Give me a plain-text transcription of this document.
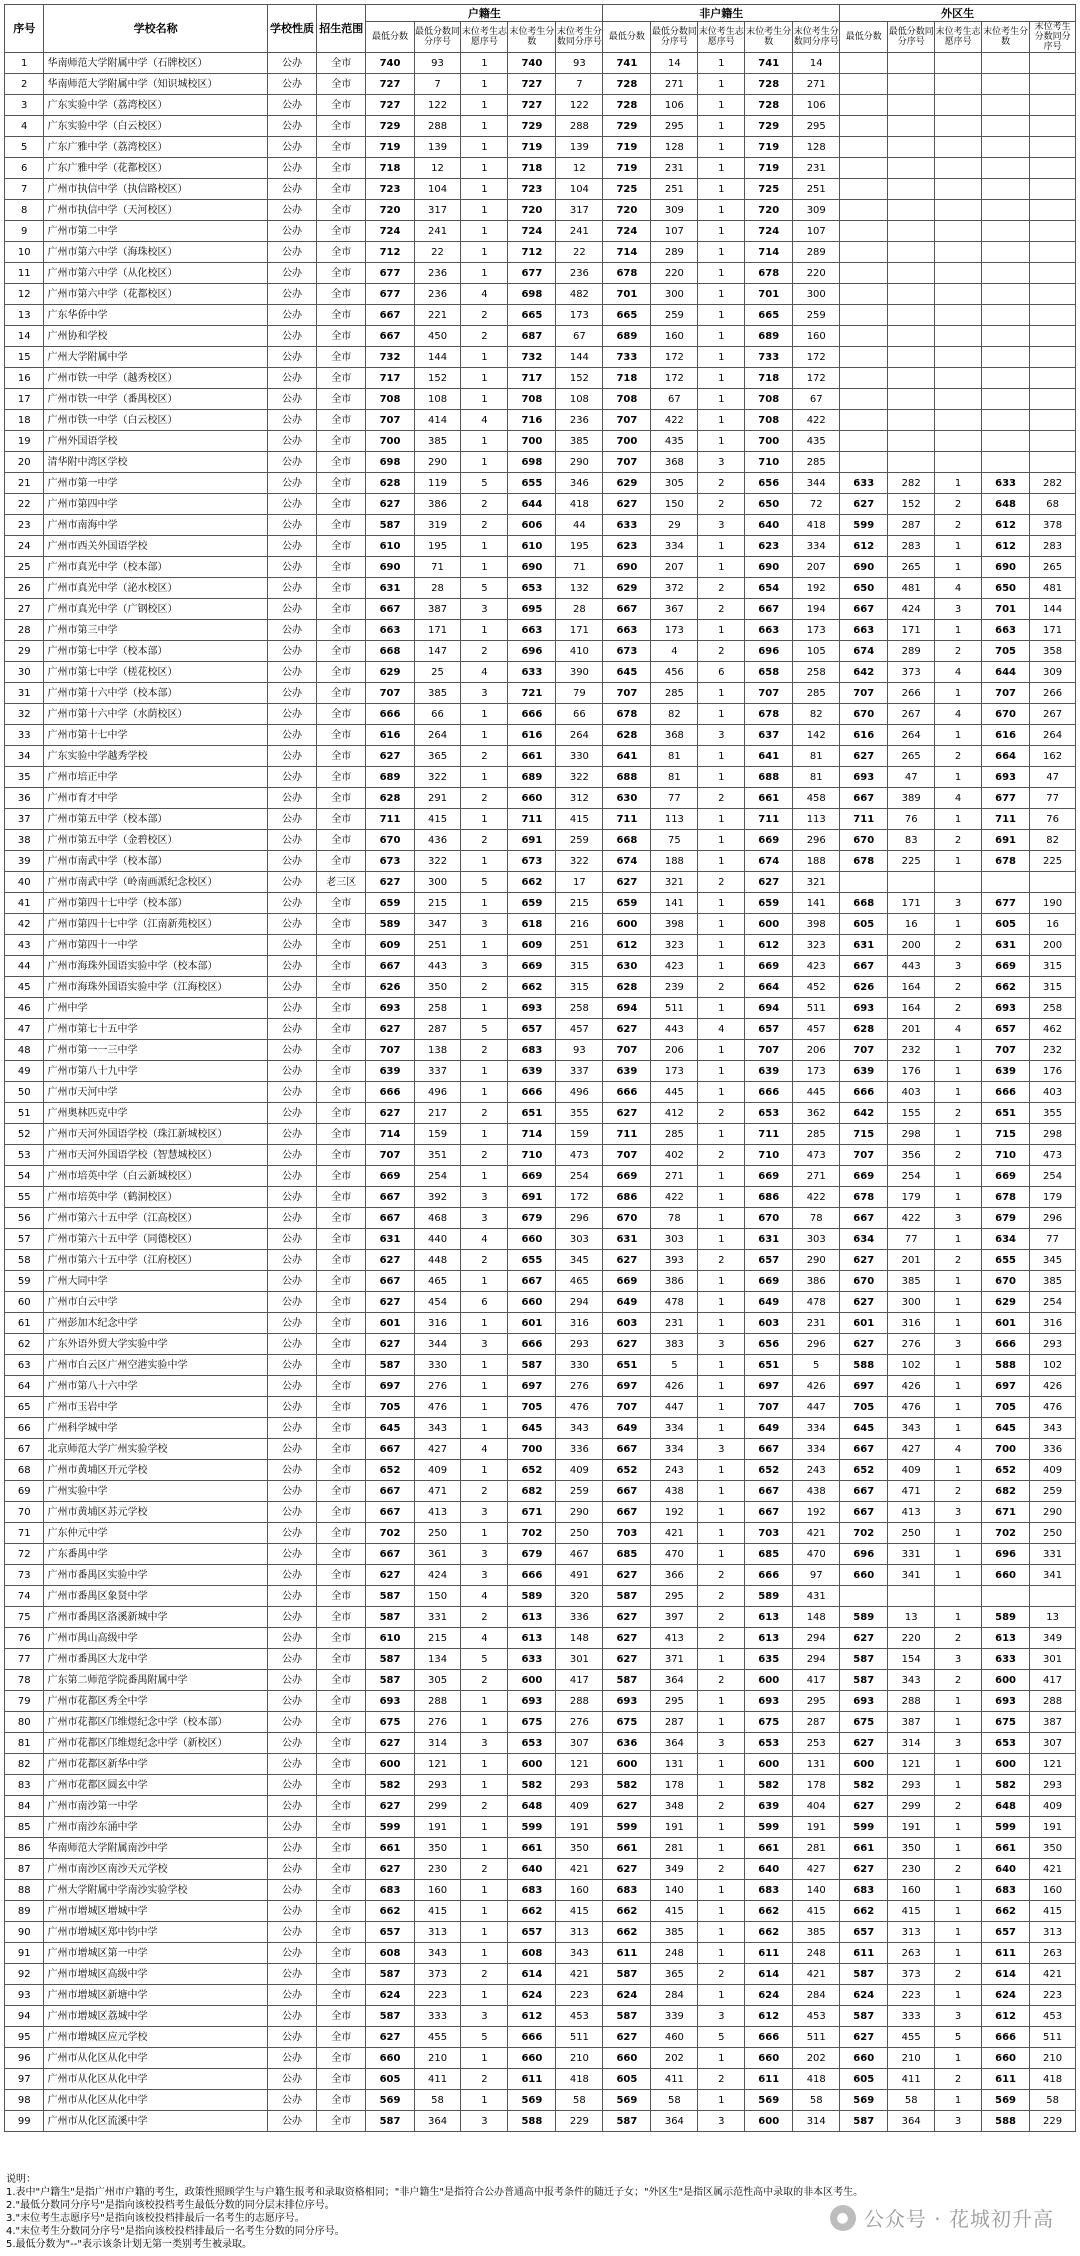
序号	学校名称	学校性质	招生范围	户籍生					非户籍生					外区生				
				最低分数	最低分数同分序号	末位考生志愿序号	末位考生分数	末位考生分数同分序号	最低分数	最低分数同分序号	末位考生志愿序号	末位考生分数	末位考生分数同分序号	最低分数	最低分数同分序号	末位考生志愿序号	末位考生分数	末位考生分数同分序号
1	华南师范大学附属中学（石牌校区）	公办	全市	740	93	1	740	93	741	14	1	741	14					
2	华南师范大学附属中学（知识城校区）	公办	全市	727	7	1	727	7	728	271	1	728	271					
3	广东实验中学（荔湾校区）	公办	全市	727	122	1	727	122	728	106	1	728	106					
4	广东实验中学（白云校区）	公办	全市	729	288	1	729	288	729	295	1	729	295					
5	广东广雅中学（荔湾校区）	公办	全市	719	139	1	719	139	719	128	1	719	128					
6	广东广雅中学（花都校区）	公办	全市	718	12	1	718	12	719	231	1	719	231					
7	广州市执信中学（执信路校区）	公办	全市	723	104	1	723	104	725	251	1	725	251					
8	广州市执信中学（天河校区）	公办	全市	720	317	1	720	317	720	309	1	720	309					
9	广州市第二中学	公办	全市	724	241	1	724	241	724	107	1	724	107					
10	广州市第六中学（海珠校区）	公办	全市	712	22	1	712	22	714	289	1	714	289					
11	广州市第六中学（从化校区）	公办	全市	677	236	1	677	236	678	220	1	678	220					
12	广州市第六中学（花都校区）	公办	全市	677	236	4	698	482	701	300	1	701	300					
13	广东华侨中学	公办	全市	667	221	2	665	173	665	259	1	665	259					
14	广州协和学校	公办	全市	667	450	2	687	67	689	160	1	689	160					
15	广州大学附属中学	公办	全市	732	144	1	732	144	733	172	1	733	172					
16	广州市铁一中学（越秀校区）	公办	全市	717	152	1	717	152	718	172	1	718	172					
17	广州市铁一中学（番禺校区）	公办	全市	708	108	1	708	108	708	67	1	708	67					
18	广州市铁一中学（白云校区）	公办	全市	707	414	4	716	236	707	422	1	708	422					
19	广州外国语学校	公办	全市	700	385	1	700	385	700	435	1	700	435					
20	清华附中湾区学校	公办	全市	698	290	1	698	290	707	368	3	710	285					
21	广州市第一中学	公办	全市	628	119	5	655	346	629	305	2	656	344	633	282	1	633	282
22	广州市第四中学	公办	全市	627	386	2	644	418	627	150	2	650	72	627	152	2	648	68
23	广州市南海中学	公办	全市	587	319	2	606	44	633	29	3	640	418	599	287	2	612	378
24	广州市西关外国语学校	公办	全市	610	195	1	610	195	623	334	1	623	334	612	283	1	612	283
25	广州市真光中学（校本部）	公办	全市	690	71	1	690	71	690	207	1	690	207	690	265	1	690	265
26	广州市真光中学（泌水校区）	公办	全市	631	28	5	653	132	629	372	2	654	192	650	481	4	650	481
27	广州市真光中学（广钢校区）	公办	全市	667	387	3	695	28	667	367	2	667	194	667	424	3	701	144
28	广州市第三中学	公办	全市	663	171	1	663	171	663	173	1	663	173	663	171	1	663	171
29	广州市第七中学（校本部）	公办	全市	668	147	2	696	410	673	4	2	696	105	674	289	2	705	358
30	广州市第七中学（槎花校区）	公办	全市	629	25	4	633	390	645	456	6	658	258	642	373	4	644	309
31	广州市第十六中学（校本部）	公办	全市	707	385	3	721	79	707	285	1	707	285	707	266	1	707	266
32	广州市第十六中学（水荫校区）	公办	全市	666	66	1	666	66	678	82	1	678	82	670	267	4	670	267
33	广州市第十七中学	公办	全市	616	264	1	616	264	628	368	3	637	142	616	264	1	616	264
34	广东实验中学越秀学校	公办	全市	627	365	2	661	330	641	81	1	641	81	627	265	2	664	162
35	广州市培正中学	公办	全市	689	322	1	689	322	688	81	1	688	81	693	47	1	693	47
36	广州市育才中学	公办	全市	628	291	2	660	312	630	77	2	661	458	667	389	4	677	77
37	广州市第五中学（校本部）	公办	全市	711	415	1	711	415	711	113	1	711	113	711	76	1	711	76
38	广州市第五中学（金碧校区）	公办	全市	670	436	2	691	259	668	75	1	669	296	670	83	2	691	82
39	广州市南武中学（校本部）	公办	全市	673	322	1	673	322	674	188	1	674	188	678	225	1	678	225
40	广州市南武中学（岭南画派纪念校区）	公办	老三区	627	300	5	662	17	627	321	2	627	321					
41	广州市第四十七中学（校本部）	公办	全市	659	215	1	659	215	659	141	1	659	141	668	171	3	677	190
42	广州市第四十七中学（江南新苑校区）	公办	全市	589	347	3	618	216	600	398	1	600	398	605	16	1	605	16
43	广州市第四十一中学	公办	全市	609	251	1	609	251	612	323	1	612	323	631	200	2	631	200
44	广州市海珠外国语实验中学（校本部）	公办	全市	667	443	3	669	315	630	423	1	669	423	667	443	3	669	315
45	广州市海珠外国语实验中学（江海校区）	公办	全市	626	350	2	662	315	628	239	2	664	452	626	164	2	662	315
46	广州中学	公办	全市	693	258	1	693	258	694	511	1	694	511	693	164	2	693	258
47	广州市第七十五中学	公办	全市	627	287	5	657	457	627	443	4	657	457	628	201	4	657	462
48	广州市第一一三中学	公办	全市	707	138	2	683	93	707	206	1	707	206	707	232	1	707	232
49	广州市第八十九中学	公办	全市	639	337	1	639	337	639	173	1	639	173	639	176	1	639	176
50	广州市天河中学	公办	全市	666	496	1	666	496	666	445	1	666	445	666	403	1	666	403
51	广州奥林匹克中学	公办	全市	627	217	2	651	355	627	412	2	653	362	642	155	2	651	355
52	广州市天河外国语学校（珠江新城校区）	公办	全市	714	159	1	714	159	711	285	1	711	285	715	298	1	715	298
53	广州市天河外国语学校（智慧城校区）	公办	全市	707	351	2	710	473	707	402	2	710	473	707	356	2	710	473
54	广州市培英中学（白云新城校区）	公办	全市	669	254	1	669	254	669	271	1	669	271	669	254	1	669	254
55	广州市培英中学（鹤洞校区）	公办	全市	667	392	3	691	172	686	422	1	686	422	678	179	1	678	179
56	广州市第六十五中学（江高校区）	公办	全市	667	468	3	679	296	670	78	1	670	78	667	422	3	679	296
57	广州市第六十五中学（同德校区）	公办	全市	631	440	4	660	303	631	303	1	631	303	634	77	1	634	77
58	广州市第六十五中学（江府校区）	公办	全市	627	448	2	655	345	627	393	2	657	290	627	201	2	655	345
59	广州大同中学	公办	全市	667	465	1	667	465	669	386	1	669	386	670	385	1	670	385
60	广州市白云中学	公办	全市	627	454	6	660	294	649	478	1	649	478	627	300	1	629	254
61	广州彭加木纪念中学	公办	全市	601	316	1	601	316	603	231	1	603	231	601	316	1	601	316
62	广东外语外贸大学实验中学	公办	全市	627	344	3	666	293	627	383	3	656	296	627	276	3	666	293
63	广州市白云区广州空港实验中学	公办	全市	587	330	1	587	330	651	5	1	651	5	588	102	1	588	102
64	广州市第八十六中学	公办	全市	697	276	1	697	276	697	426	1	697	426	697	426	1	697	426
65	广州市玉岩中学	公办	全市	705	476	1	705	476	707	447	1	707	447	705	476	1	705	476
66	广州科学城中学	公办	全市	645	343	1	645	343	649	334	1	649	334	645	343	1	645	343
67	北京师范大学广州实验学校	公办	全市	667	427	4	700	336	667	334	3	667	334	667	427	4	700	336
68	广州市黄埔区开元学校	公办	全市	652	409	1	652	409	652	243	1	652	243	652	409	1	652	409
69	广州实验中学	公办	全市	667	471	2	682	259	667	438	1	667	438	667	471	2	682	259
70	广州市黄埔区苏元学校	公办	全市	667	413	3	671	290	667	192	1	667	192	667	413	3	671	290
71	广东仲元中学	公办	全市	702	250	1	702	250	703	421	1	703	421	702	250	1	702	250
72	广东番禺中学	公办	全市	667	361	3	679	467	685	470	1	685	470	696	331	1	696	331
73	广州市番禺区实验中学	公办	全市	627	424	3	666	491	627	366	2	666	97	660	341	1	660	341
74	广州市番禺区象贤中学	公办	全市	587	150	4	589	320	587	295	2	589	431					
75	广州市番禺区洛溪新城中学	公办	全市	587	331	2	613	336	627	397	2	613	148	589	13	1	589	13
76	广州市禺山高级中学	公办	全市	610	215	4	613	148	627	413	2	613	294	627	220	2	613	349
77	广州市番禺区大龙中学	公办	全市	587	134	5	633	301	627	371	1	635	294	587	154	3	633	301
78	广东第二师范学院番禺附属中学	公办	全市	587	305	2	600	417	587	364	2	600	417	587	343	2	600	417
79	广州市花都区秀全中学	公办	全市	693	288	1	693	288	693	295	1	693	295	693	288	1	693	288
80	广州市花都区邝维煜纪念中学（校本部）	公办	全市	675	276	1	675	276	675	287	1	675	287	675	387	1	675	387
81	广州市花都区邝维煜纪念中学（新校区）	公办	全市	627	314	3	653	307	636	364	3	653	253	627	314	3	653	307
82	广州市花都区新华中学	公办	全市	600	121	1	600	121	600	131	1	600	131	600	121	1	600	121
83	广州市花都区圆玄中学	公办	全市	582	293	1	582	293	582	178	1	582	178	582	293	1	582	293
84	广州市南沙第一中学	公办	全市	627	299	2	648	409	627	348	2	639	404	627	299	2	648	409
85	广州市南沙东涌中学	公办	全市	599	191	1	599	191	599	191	1	599	191	599	191	1	599	191
86	华南师范大学附属南沙中学	公办	全市	661	350	1	661	350	661	281	1	661	281	661	350	1	661	350
87	广州市南沙区南沙天元学校	公办	全市	627	230	2	640	421	627	349	2	640	427	627	230	2	640	421
88	广州大学附属中学南沙实验学校	公办	全市	683	160	1	683	160	683	140	1	683	140	683	160	1	683	160
89	广州市增城区增城中学	公办	全市	662	415	1	662	415	662	415	1	662	415	662	415	1	662	415
90	广州市增城区郑中钧中学	公办	全市	657	313	1	657	313	662	385	1	662	385	657	313	1	657	313
91	广州市增城区第一中学	公办	全市	608	343	1	608	343	611	248	1	611	248	611	263	1	611	263
92	广州市增城区高级中学	公办	全市	587	373	2	614	421	587	365	2	614	421	587	373	2	614	421
93	广州市增城区新塘中学	公办	全市	624	223	1	624	223	624	284	1	624	284	624	223	1	624	223
94	广州市增城区荔城中学	公办	全市	587	333	3	612	453	587	339	3	612	453	587	333	3	612	453
95	广州市增城区应元学校	公办	全市	627	455	5	666	511	627	460	5	666	511	627	455	5	666	511
96	广州市从化区从化中学	公办	全市	660	210	1	660	210	660	202	1	660	202	660	210	1	660	210
97	广州市从化区从化中学	公办	全市	605	411	2	611	418	605	411	2	611	418	605	411	2	611	418
98	广州市从化区从化中学	公办	全市	569	58	1	569	58	569	58	1	569	58	569	58	1	569	58
99	广州市从化区流溪中学	公办	全市	587	364	3	588	229	587	364	3	600	314	587	364	3	588	229
说明：
1.表中"户籍生"是指广州市户籍的考生，政策性照顾学生与户籍生报考和录取资格相同；"非户籍生"是指符合公办普通高中报考条件的随迁子女；"外区生"是指区属示范性高中录取的非本区考生。
2."最低分数同分序号"是指向该校投档考生最低分数的同分层末排位序号。
3."末位考生志愿序号"是指向该校投档排最后一名考生的志愿序号。
4."末位考生分数同分序号"是指向该校投档排最后一名考生分数的同分序号。
5.最低分数为"--"表示该条计划无第一类别考生被录取。
● 公众号 · 花城初升高
